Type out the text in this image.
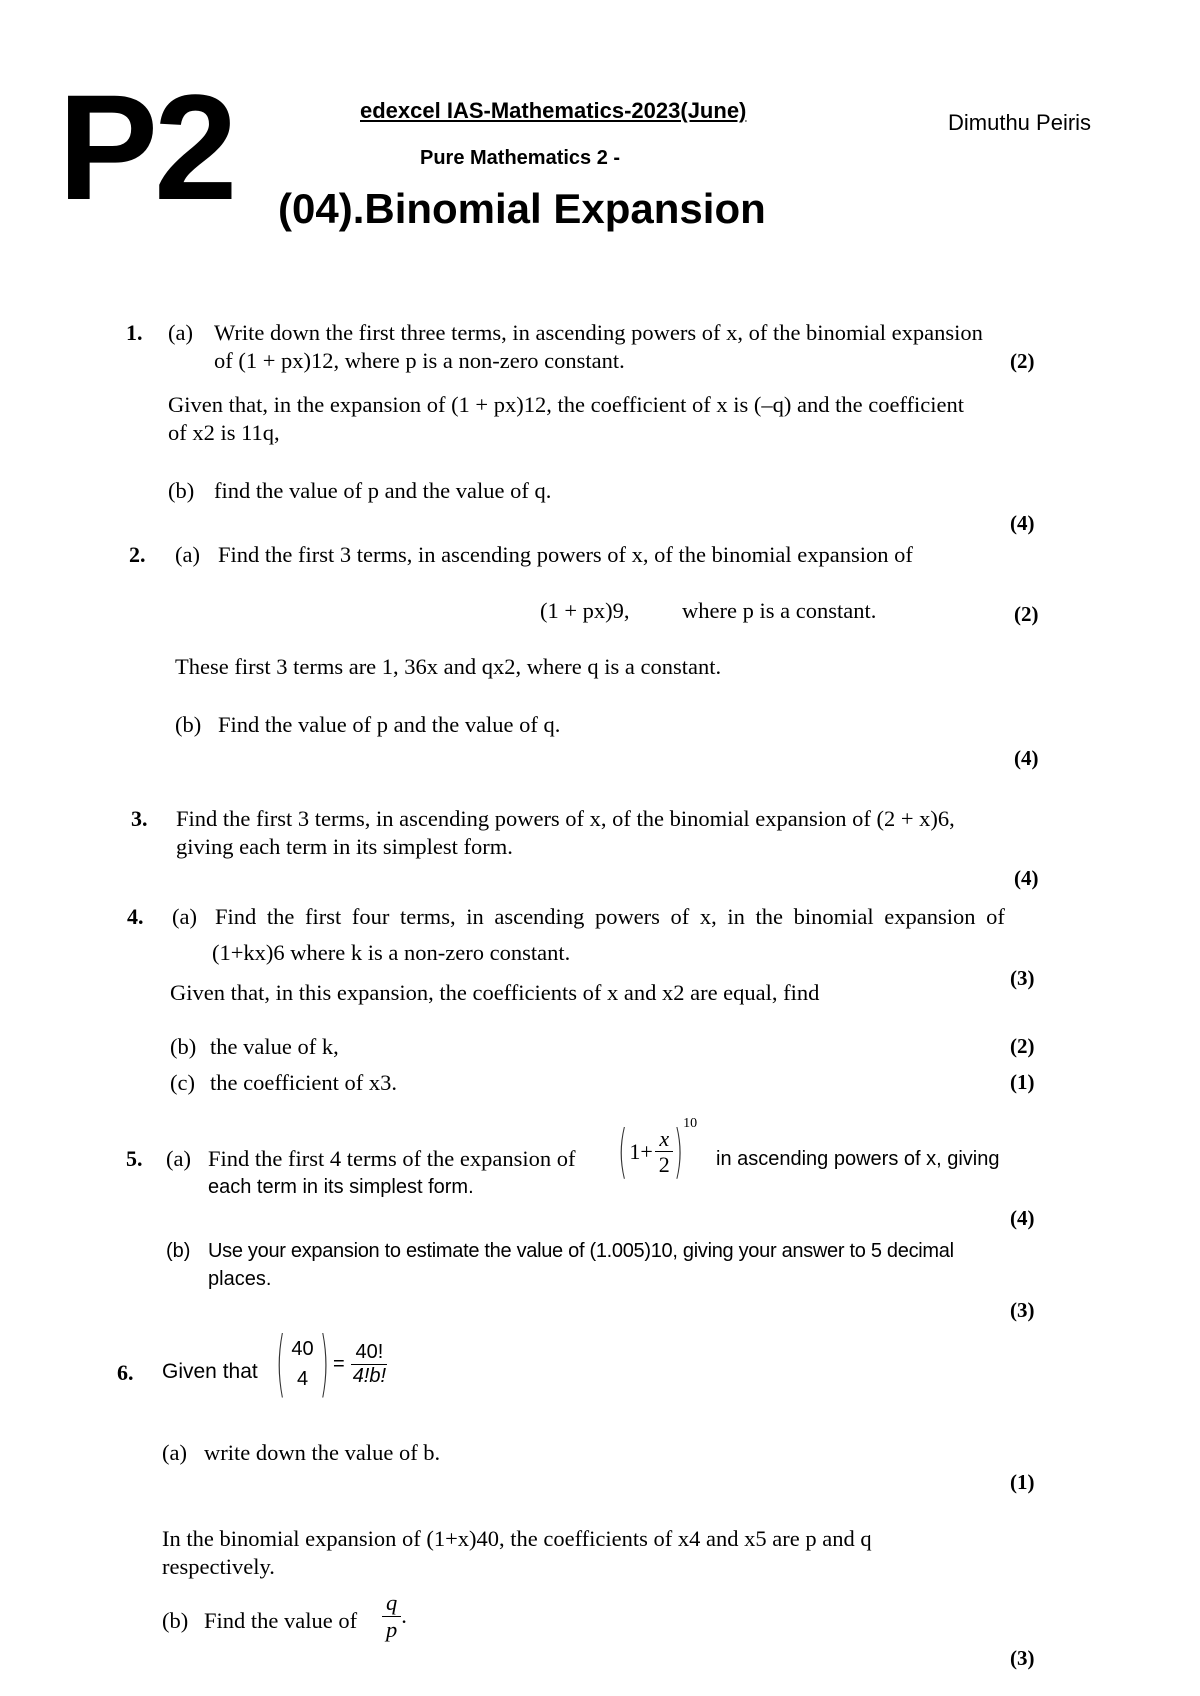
P2	edexcel IAS-Mathematics-2023(June)	Dimuthu Peiris
Pure Mathematics 2 -
(04).Binomial Expansion
1. (a) Write down the first three terms, in ascending powers of x, of the binomial expansion
of (1 + px)12, where p is a non-zero constant.	(2)
Given that, in the expansion of (1 + px)12, the coefficient of x is (–q) and the coefficient
of x2 is 11q,
(b) find the value of p and the value of q.
(4)
2. (a) Find the first 3 terms, in ascending powers of x, of the binomial expansion of
(1 + px)9, where p is a constant.	(2)
These first 3 terms are 1, 36x and qx2, where q is a constant.
(b) Find the value of p and the value of q.
(4)
3. Find the first 3 terms, in ascending powers of x, of the binomial expansion of (2 + x)6,
giving each term in its simplest form.
(4)
4. (a) Find the first four terms, in ascending powers of x, in the binomial expansion of
(1+kx)6 where k is a non-zero constant.
(3)
Given that, in this expansion, the coefficients of x and x2 are equal, find
(b) the value of k,	(2)
(c) the coefficient of x3.	(1)
5. (a) Find the first 4 terms of the expansion of ( $1+ \frac{x}{2}$ ) 10
in ascending powers of x, giving
each term in its simplest form.
(4)
(b) Use your expansion to estimate the value of (1.005)10, giving your answer to 5 decimal
places.
(3)
6. Given that ( 40
4 ) = $\frac{40!}{4!b!}$
(a) write down the value of b.
(1)
In the binomial expansion of (1+x)40, the coefficients of x4 and x5 are p and q
respectively.
(b) Find the value of $\frac{q}{p}$ .
(3)
